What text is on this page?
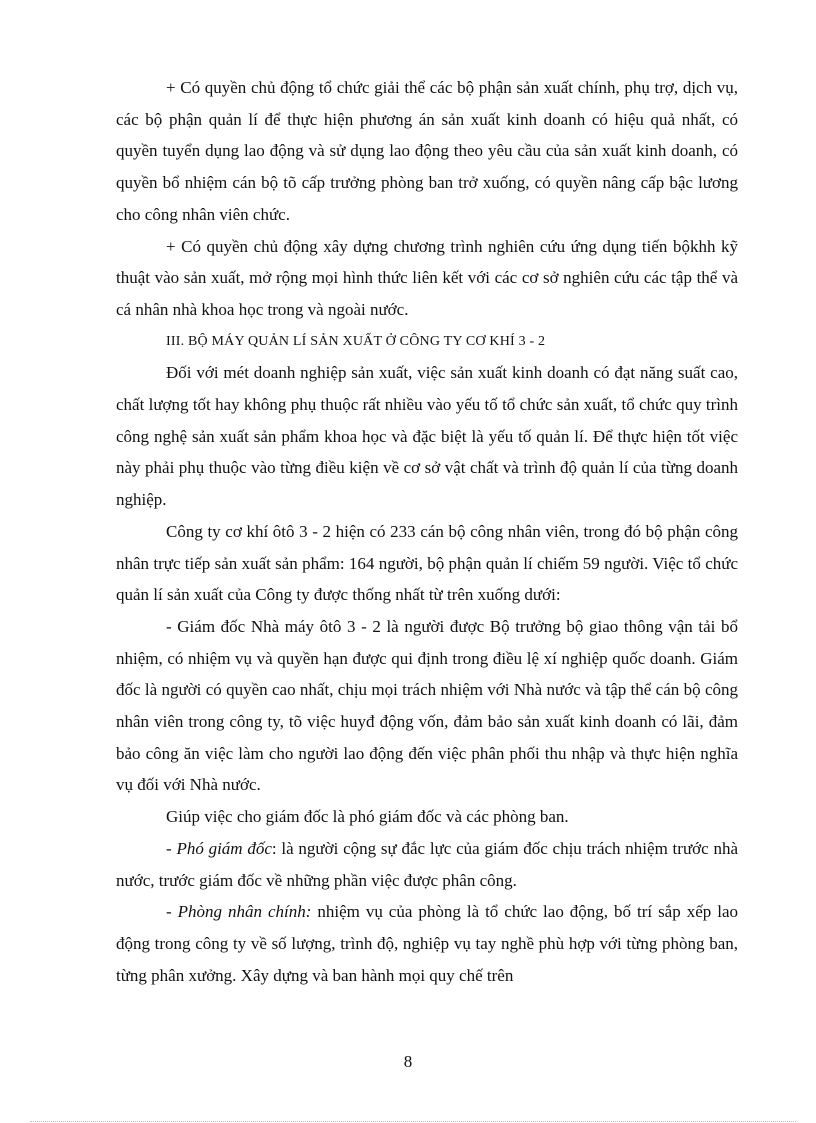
+ Có quyền chủ động tổ chức giải thể các bộ phận sản xuất chính, phụ trợ, dịch vụ, các bộ phận quản lí để thực hiện phương án sản xuất kinh doanh có hiệu quả nhất, có quyền tuyển dụng lao động và sử dụng lao động theo yêu cầu của sản xuất kinh doanh, có quyền bổ nhiệm cán bộ tõ cấp trưởng phòng ban trở xuống, có quyền nâng cấp bậc lương cho công nhân viên chức.

+ Có quyền chủ động xây dựng chương trình nghiên cứu ứng dụng tiến bộkhh kỹ thuật vào sản xuất, mở rộng mọi hình thức liên kết với các cơ sở nghiên cứu các tập thể và cá nhân nhà khoa học trong và ngoài nước.

III. BỘ MÁY QUẢN LÍ SẢN XUẤT Ở CÔNG TY CƠ KHÍ 3 - 2

Đối với mét doanh nghiệp sản xuất, việc sản xuất kinh doanh có đạt năng suất cao, chất lượng tốt hay không phụ thuộc rất nhiều vào yếu tố tổ chức sản xuất, tổ chức quy trình công nghệ sản xuất sản phẩm khoa học và đặc biệt là yếu tố quản lí. Để thực hiện tốt việc này phải phụ thuộc vào từng điều kiện về cơ sở vật chất và trình độ quản lí của từng doanh nghiệp.

Công ty cơ khí ôtô 3 - 2 hiện có 233 cán bộ công nhân viên, trong đó bộ phận công nhân trực tiếp sản xuất sản phẩm: 164 người, bộ phận quản lí chiếm 59 người. Việc tổ chức quản lí sản xuất của Công ty được thống nhất từ trên xuống dưới:

- Giám đốc Nhà máy ôtô 3 - 2 là người được Bộ trưởng bộ giao thông vận tải bổ nhiệm, có nhiệm vụ và quyền hạn được qui định trong điều lệ xí nghiệp quốc doanh. Giám đốc là người có quyền cao nhất, chịu mọi trách nhiệm với Nhà nước và tập thể cán bộ công nhân viên trong công ty, tõ việc huyđ động vốn, đảm bảo sản xuất kinh doanh có lãi, đảm bảo công ăn việc làm cho người lao động đến việc phân phối thu nhập và thực hiện nghĩa vụ đối với Nhà nước.

Giúp việc cho giám đốc là phó giám đốc và các phòng ban.

- Phó giám đốc: là người cộng sự đắc lực của giám đốc chịu trách nhiệm trước nhà nước, trước giám đốc về những phần việc được phân công.

- Phòng nhân chính: nhiệm vụ của phòng là tổ chức lao động, bố trí sắp xếp lao động trong công ty về số lượng, trình độ, nghiệp vụ tay nghề phù hợp với từng phòng ban, từng phân xưởng. Xây dựng và ban hành mọi quy chế trên

8
